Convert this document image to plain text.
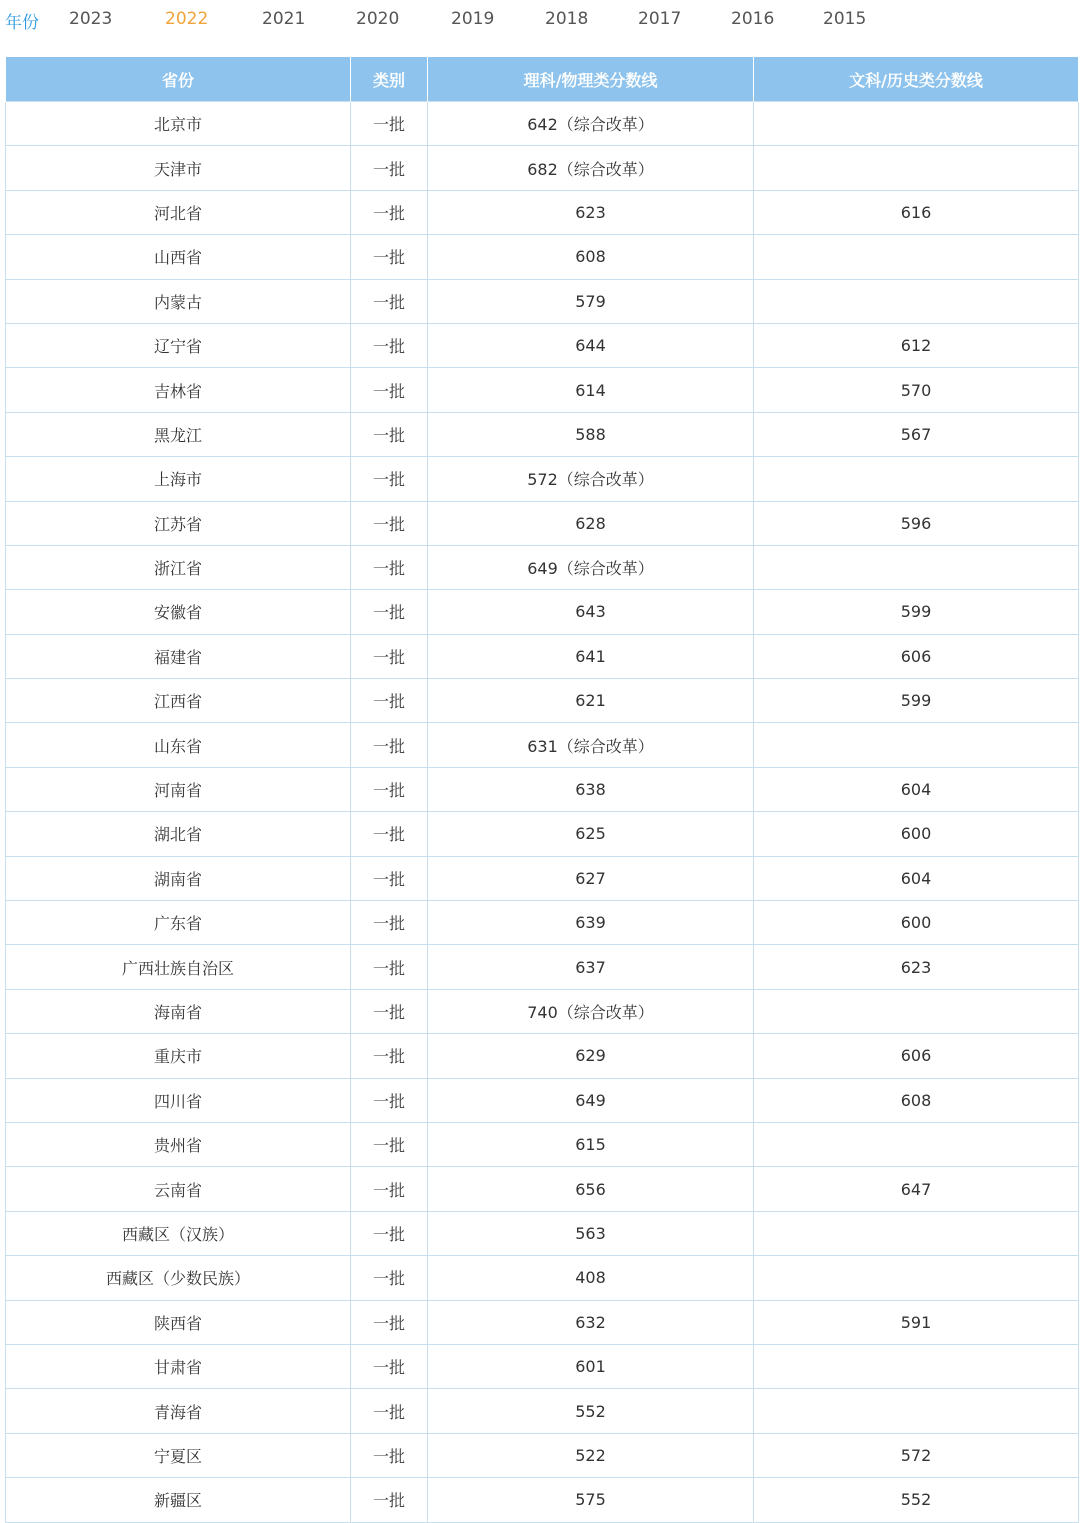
年份 2023	2022	2021	2020	2019	2018	2017	2016	2015
省份	类别	理科/物理类分数线	文科/历史类分数线
北京市	一批	642（综合改革）	
天津市	一批	682（综合改革）	
河北省	一批	623	616
山西省	一批	608	
内蒙古	一批	579	
辽宁省	一批	644	612
吉林省	一批	614	570
黑龙江	一批	588	567
上海市	一批	572（综合改革）	
江苏省	一批	628	596
浙江省	一批	649（综合改革）	
安徽省	一批	643	599
福建省	一批	641	606
江西省	一批	621	599
山东省	一批	631（综合改革）	
河南省	一批	638	604
湖北省	一批	625	600
湖南省	一批	627	604
广东省	一批	639	600
广西壮族自治区	一批	637	623
海南省	一批	740（综合改革）	
重庆市	一批	629	606
四川省	一批	649	608
贵州省	一批	615	
云南省	一批	656	647
西藏区（汉族）	一批	563	
西藏区（少数民族）	一批	408	
陕西省	一批	632	591
甘肃省	一批	601	
青海省	一批	552	
宁夏区	一批	522	572
新疆区	一批	575	552
